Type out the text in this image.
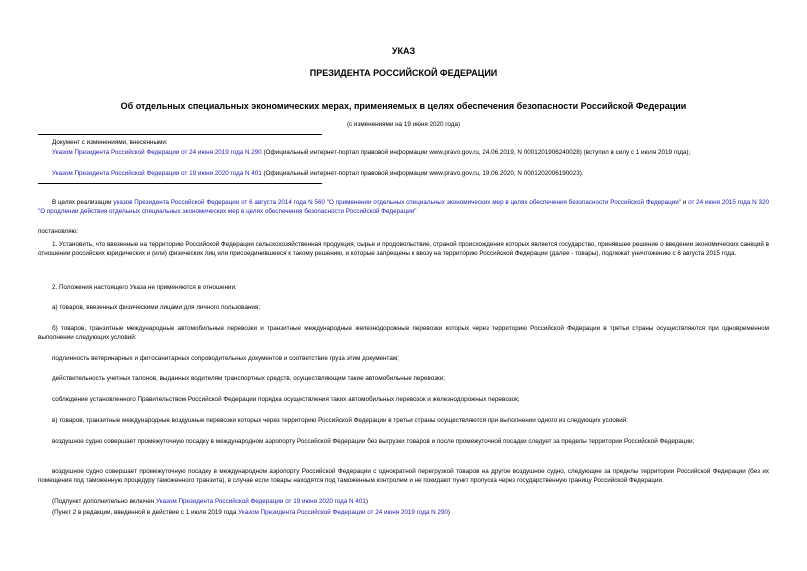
УКАЗ
ПРЕЗИДЕНТА РОССИЙСКОЙ ФЕДЕРАЦИИ
Об отдельных специальных экономических мерах, применяемых в целях обеспечения безопасности Российской Федерации
(с изменениями на 19 июня 2020 года)
Документ с изменениями, внесенными:
Указом Президента Российской Федерации от 24 июня 2019 года N 290 (Официальный интернет-портал правовой информации www.pravo.gov.ru, 24.06.2019, N 0001201906240028) (вступил в силу с 1 июля 2019 года);
Указом Президента Российской Федерации от 19 июня 2020 года N 401 (Официальный интернет-портал правовой информации www.pravo.gov.ru, 19.06.2020, N 0001202006190023).
В целях реализации указов Президента Российской Федерации от 6 августа 2014 года N 560 "О применении отдельных специальных экономических мер в целях обеспечения безопасности Российской Федерации" и от 24 июня 2015 года N 320 "О продлении действия отдельных специальных экономических мер в целях обеспечения безопасности Российской Федерации"
постановляю:
1. Установить, что ввезенные на территорию Российской Федерации сельскохозяйственная продукция, сырье и продовольствие, страной происхождения которых является государство, принявшее решение о введении экономических санкций в отношении российских юридических и (или) физических лиц или присоединившееся к такому решению, и которые запрещены к ввозу на территорию Российской Федерации (далее - товары), подлежат уничтожению с 6 августа 2015 года.
2. Положения настоящего Указа не применяются в отношении:
а) товаров, ввезенных физическими лицами для личного пользования;
б) товаров, транзитные международные автомобильные перевозки и транзитные международные железнодорожные перевозки которых через территорию Российской Федерации в третьи страны осуществляются при одновременном выполнении следующих условий:
подлинность ветеринарных и фитосанитарных сопроводительных документов и соответствие груза этим документам;
действительность учетных талонов, выданных водителям транспортных средств, осуществляющим такие автомобильные перевозки;
соблюдение установленного Правительством Российской Федерации порядка осуществления таких автомобильных перевозок и железнодорожных перевозок;
в) товаров, транзитные международные воздушные перевозки которых через территорию Российской Федерации в третьи страны осуществляются при выполнении одного из следующих условий:
воздушное судно совершает промежуточную посадку в международном аэропорту Российской Федерации без выгрузки товаров и после промежуточной посадки следует за пределы территории Российской Федерации;
воздушное судно совершает промежуточную посадку в международном аэропорту Российской Федерации с однократной перегрузкой товаров на другое воздушное судно, следующее за пределы территории Российской Федерации (без их помещения под таможенную процедуру таможенного транзита), в случае если товары находятся под таможенным контролем и не покидают пункт пропуска через государственную границу Российской Федерации.
(Подпункт дополнительно включен Указом Президента Российской Федерации от 19 июня 2020 года N 401)
(Пункт 2 в редакции, введенной в действие с 1 июля 2019 года Указом Президента Российской Федерации от 24 июня 2019 года N 290)
